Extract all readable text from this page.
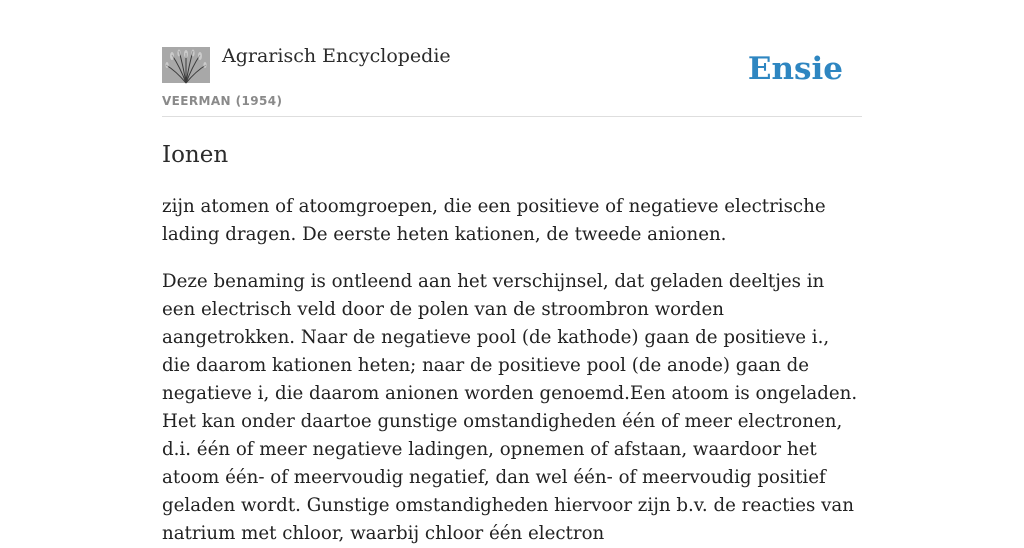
Agrarisch Encyclopedie
VEERMAN (1954)
Ensie
Ionen

zijn atomen of atoomgroepen, die een positieve of negatieve electrische lading dragen. De eerste heten kationen, de tweede anionen.

Deze benaming is ontleend aan het verschijnsel, dat geladen deeltjes in een electrisch veld door de polen van de stroombron worden aangetrokken. Naar de negatieve pool (de kathode) gaan de positieve i., die daarom kationen heten; naar de positieve pool (de anode) gaan de negatieve i, die daarom anionen worden genoemd.Een atoom is ongeladen. Het kan onder daartoe gunstige omstandigheden één of meer electronen, d.i. één of meer negatieve ladingen, opnemen of afstaan, waardoor het atoom één- of meervoudig negatief, dan wel één- of meervoudig positief geladen wordt. Gunstige omstandigheden hiervoor zijn b.v. de reacties van natrium met chloor, waarbij chloor één electron
